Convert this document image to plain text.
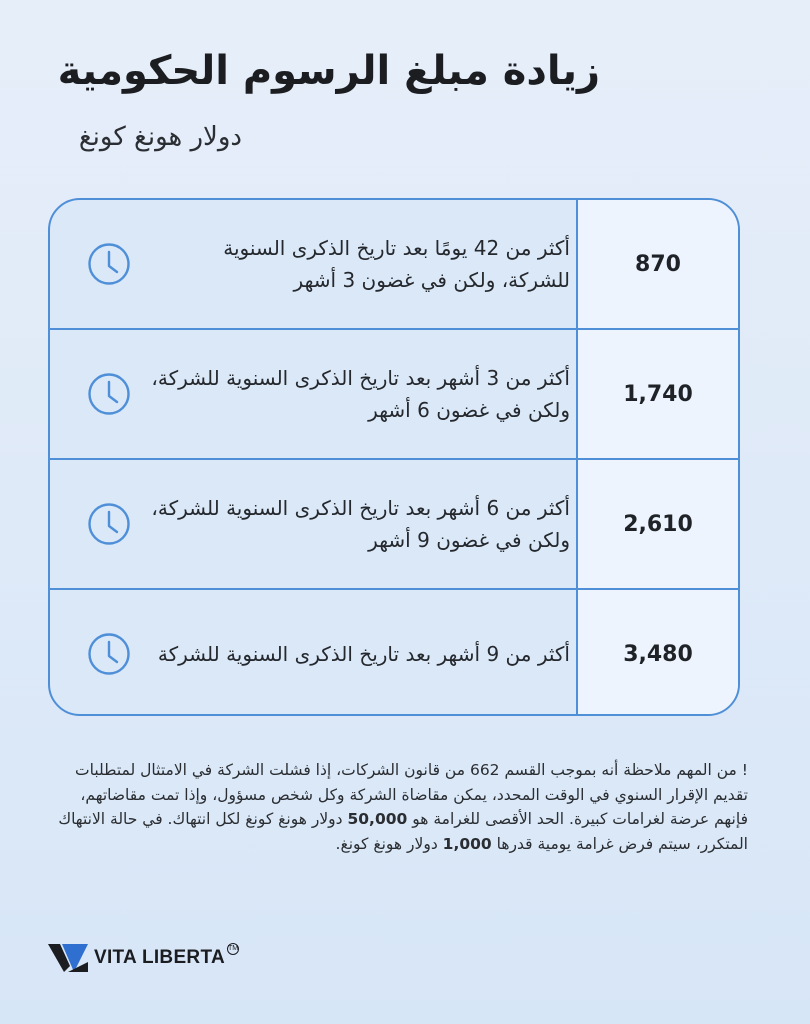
زيادة مبلغ الرسوم الحكومية
دولار هونغ كونغ
أكثر من 42 يومًا بعد تاريخ الذكرى السنوية للشركة، ولكن في غضون 3 أشهر
870
أكثر من 3 أشهر بعد تاريخ الذكرى السنوية للشركة، ولكن في غضون 6 أشهر
1,740
أكثر من 6 أشهر بعد تاريخ الذكرى السنوية للشركة، ولكن في غضون 9 أشهر
2,610
أكثر من 9 أشهر بعد تاريخ الذكرى السنوية للشركة	3,480
! من المهم ملاحظة أنه بموجب القسم 662 من قانون الشركات، إذا فشلت الشركة في الامتثال لمتطلبات تقديم الإقرار السنوي في الوقت المحدد، يمكن مقاضاة الشركة وكل شخص مسؤول، وإذا تمت مقاضاتهم، فإنهم عرضة لغرامات كبيرة. الحد الأقصى للغرامة هو 50,000 دولار هونغ كونغ لكل انتهاك. في حالة الانتهاك المتكرر، سيتم فرض غرامة يومية قدرها 1,000 دولار هونغ كونغ.
VITA LIBERTA TM
